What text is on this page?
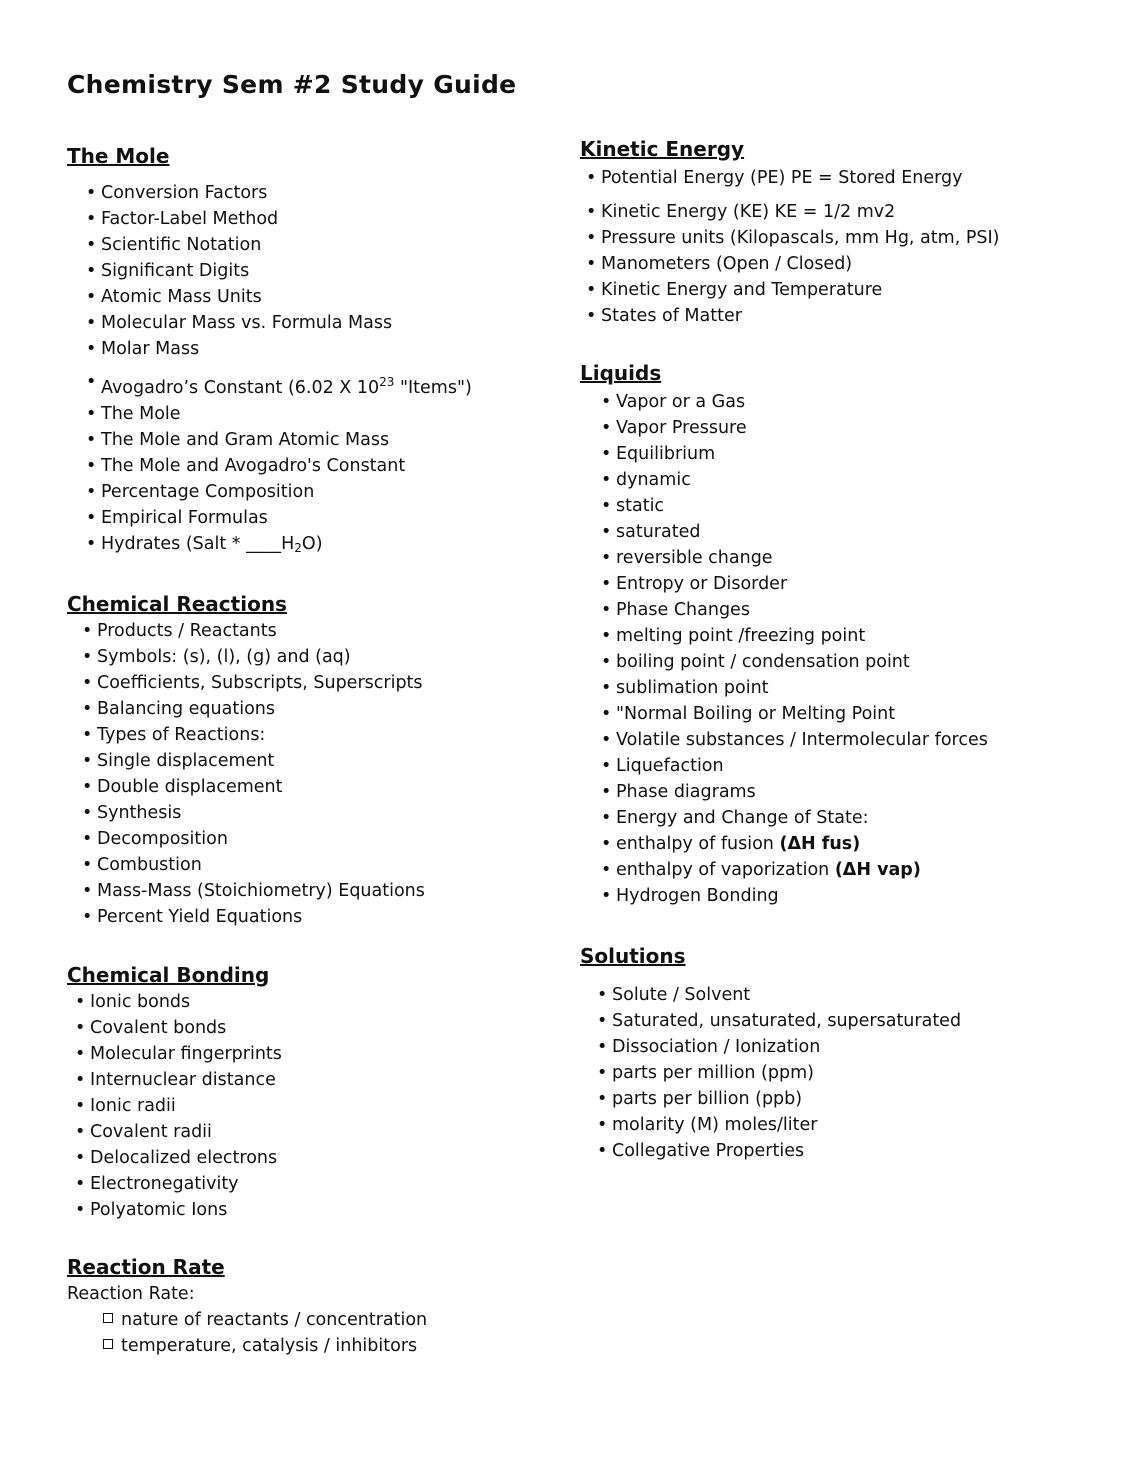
Chemistry Sem #2 Study Guide
The Mole
• Conversion Factors
• Factor-Label Method
• Scientific Notation
• Significant Digits
• Atomic Mass Units
• Molecular Mass vs. Formula Mass
• Molar Mass
• Avogadro’s Constant (6.02 X $10^{23}$ "Items")
• The Mole
• The Mole and Gram Atomic Mass
• The Mole and Avogadro's Constant
• Percentage Composition
• Empirical Formulas
• Hydrates (Salt * $\_\_\_\_H_2O$)
Chemical Reactions
• Products / Reactants
• Symbols: (s), (l), (g) and (aq)
• Coefficients, Subscripts, Superscripts
• Balancing equations
• Types of Reactions:
• Single displacement
• Double displacement
• Synthesis
• Decomposition
• Combustion
• Mass-Mass (Stoichiometry) Equations
• Percent Yield Equations
Chemical Bonding
• Ionic bonds
• Covalent bonds
• Molecular fingerprints
• Internuclear distance
• Ionic radii
• Covalent radii
• Delocalized electrons
• Electronegativity
• Polyatomic Ions
Reaction Rate
Reaction Rate:
nature of reactants / concentration
temperature, catalysis / inhibitors
Kinetic Energy
• Potential Energy (PE) PE = Stored Energy
• Kinetic Energy (KE) KE = 1/2 mv2
• Pressure units (Kilopascals, mm Hg, atm, PSI)
• Manometers (Open / Closed)
• Kinetic Energy and Temperature
• States of Matter
Liquids
• Vapor or a Gas
• Vapor Pressure
• Equilibrium
• dynamic
• static
• saturated
• reversible change
• Entropy or Disorder
• Phase Changes
• melting point /freezing point
• boiling point / condensation point
• sublimation point
• "Normal Boiling or Melting Point
• Volatile substances / Intermolecular forces
• Liquefaction
• Phase diagrams
• Energy and Change of State:
• enthalpy of fusion (ΔH fus)
• enthalpy of vaporization (ΔH vap)
• Hydrogen Bonding
Solutions
• Solute / Solvent
• Saturated, unsaturated, supersaturated
• Dissociation / Ionization
• parts per million (ppm)
• parts per billion (ppb)
• molarity (M) moles/liter
• Collegative Properties
